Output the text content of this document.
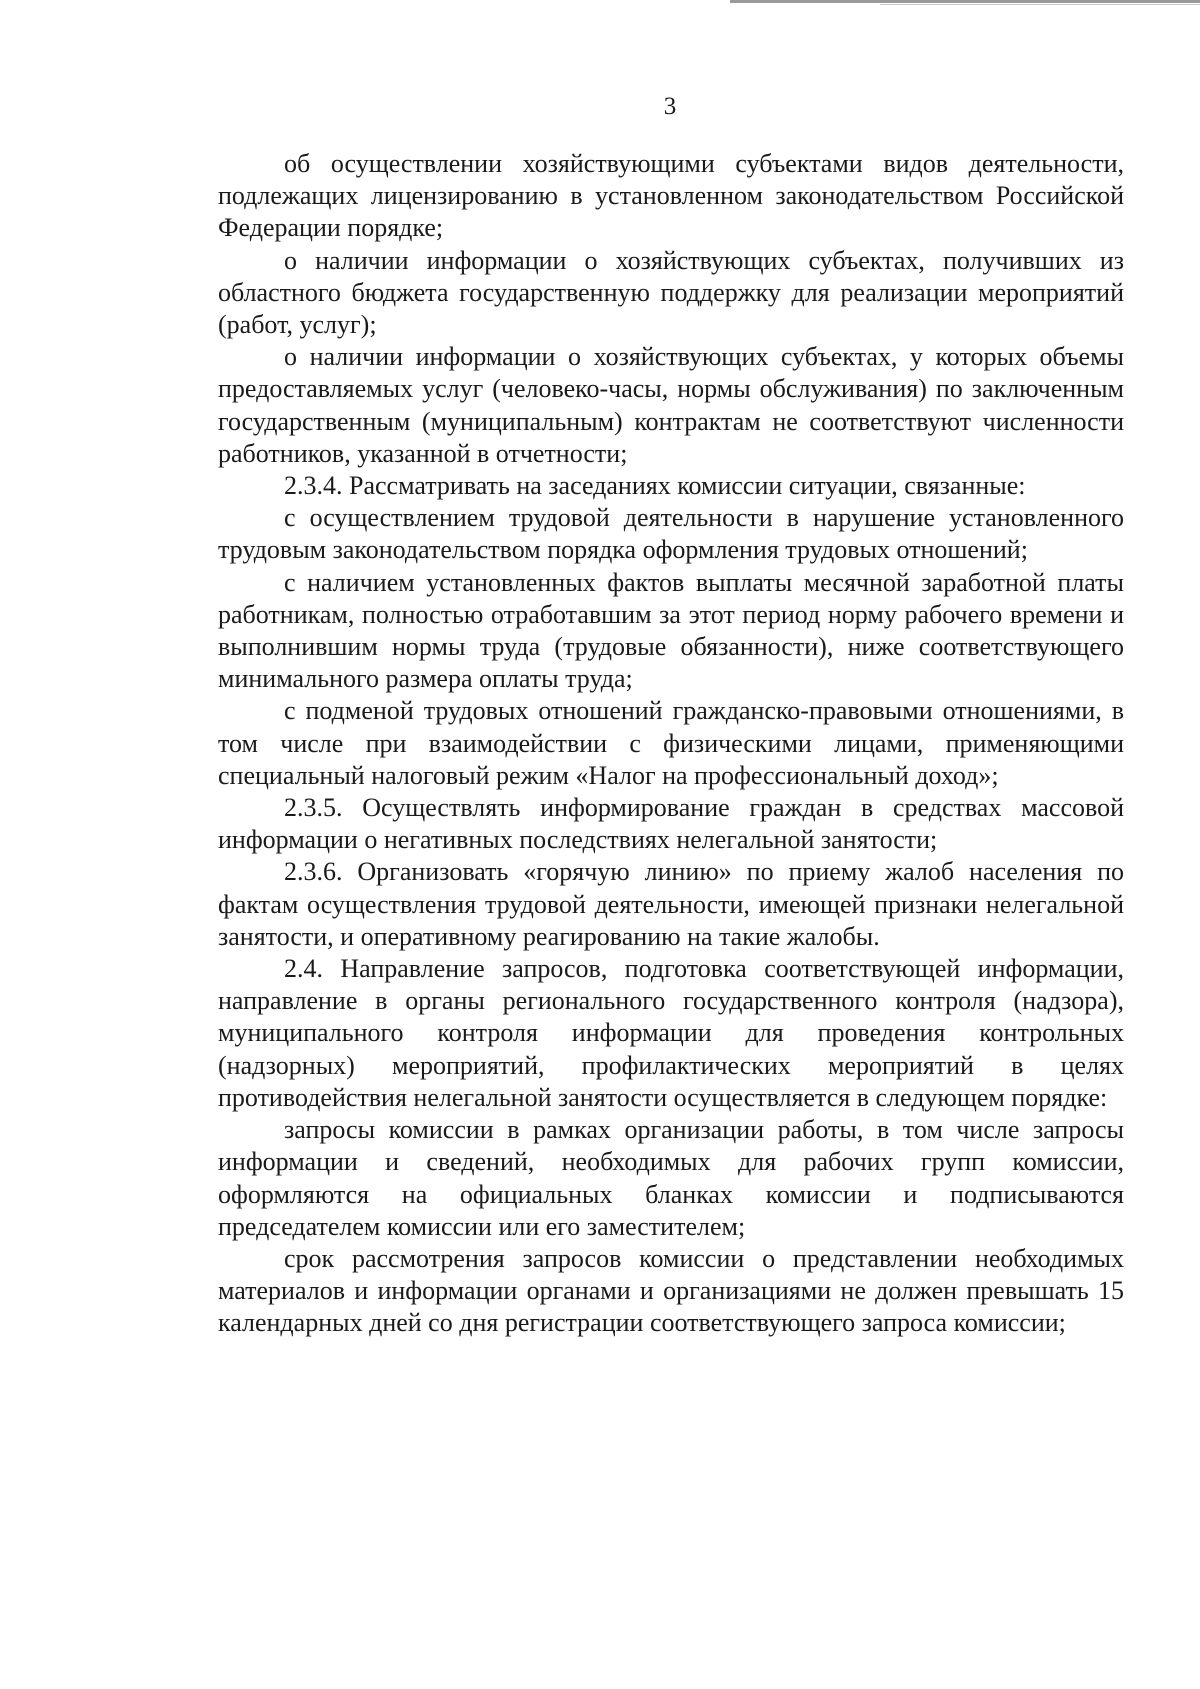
3

об осуществлении хозяйствующими субъектами видов деятельности, подлежащих лицензированию в установленном законодательством Российской Федерации порядке;

о наличии информации о хозяйствующих субъектах, получивших из областного бюджета государственную поддержку для реализации мероприятий (работ, услуг);

о наличии информации о хозяйствующих субъектах, у которых объемы предоставляемых услуг (человеко-часы, нормы обслуживания) по заключенным государственным (муниципальным) контрактам не соответствуют численности работников, указанной в отчетности;

2.3.4. Рассматривать на заседаниях комиссии ситуации, связанные:

с осуществлением трудовой деятельности в нарушение установленного трудовым законодательством порядка оформления трудовых отношений;

с наличием установленных фактов выплаты месячной заработной платы работникам, полностью отработавшим за этот период норму рабочего времени и выполнившим нормы труда (трудовые обязанности), ниже соответствующего минимального размера оплаты труда;

с подменой трудовых отношений гражданско-правовыми отношениями, в том числе при взаимодействии с физическими лицами, применяющими специальный налоговый режим «Налог на профессиональный доход»;

2.3.5. Осуществлять информирование граждан в средствах массовой информации о негативных последствиях нелегальной занятости;

2.3.6. Организовать «горячую линию» по приему жалоб населения по фактам осуществления трудовой деятельности, имеющей признаки нелегальной занятости, и оперативному реагированию на такие жалобы.

2.4. Направление запросов, подготовка соответствующей информации, направление в органы регионального государственного контроля (надзора), муниципального контроля информации для проведения контрольных (надзорных) мероприятий, профилактических мероприятий в целях противодействия нелегальной занятости осуществляется в следующем порядке:

запросы комиссии в рамках организации работы, в том числе запросы информации и сведений, необходимых для рабочих групп комиссии, оформляются на официальных бланках комиссии и подписываются председателем комиссии или его заместителем;

срок рассмотрения запросов комиссии о представлении необходимых материалов и информации органами и организациями не должен превышать 15 календарных дней со дня регистрации соответствующего запроса комиссии;
